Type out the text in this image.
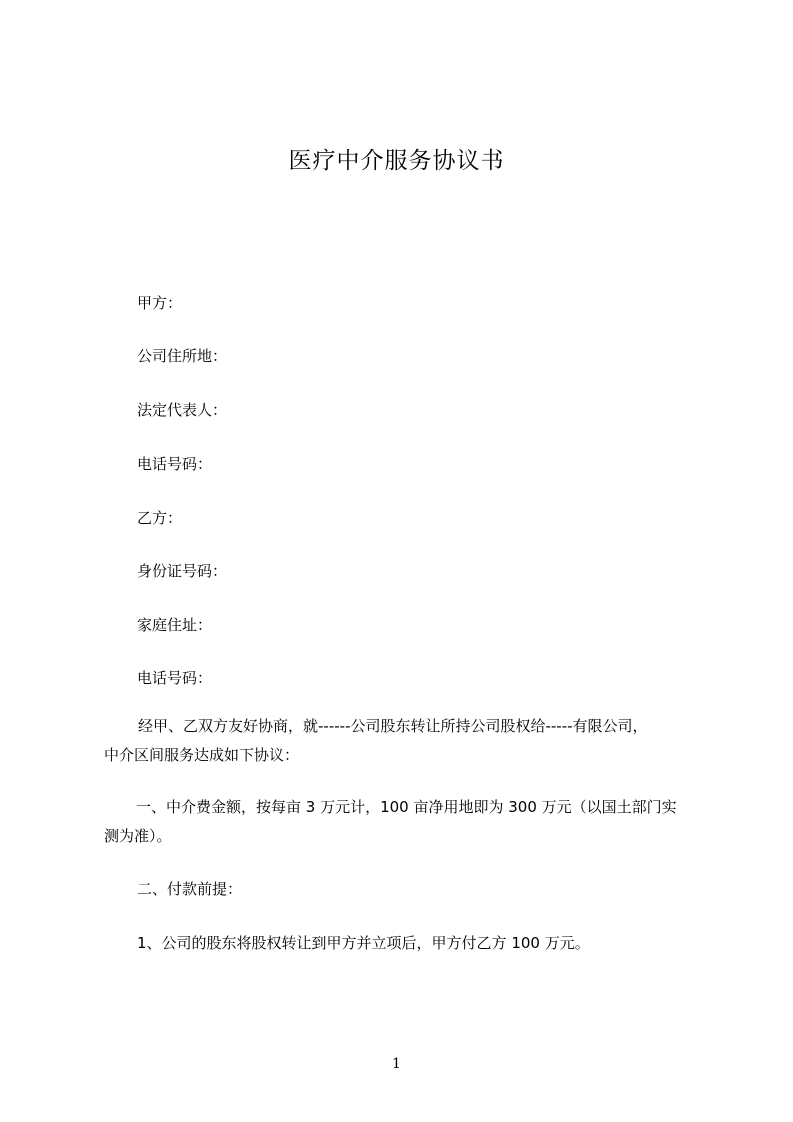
医疗中介服务协议书
甲方：
公司住所地：
法定代表人：
电话号码：
乙方：
身份证号码：
家庭住址：
电话号码：
经甲、乙双方友好协商，就------公司股东转让所持公司股权给-----有限公司，
中介区间服务达成如下协议：
一、中介费金额，按每亩 3 万元计，100 亩净用地即为 300 万元（以国土部门实
测为准）。
二、付款前提：
1、公司的股东将股权转让到甲方并立项后，甲方付乙方 100 万元。
1
